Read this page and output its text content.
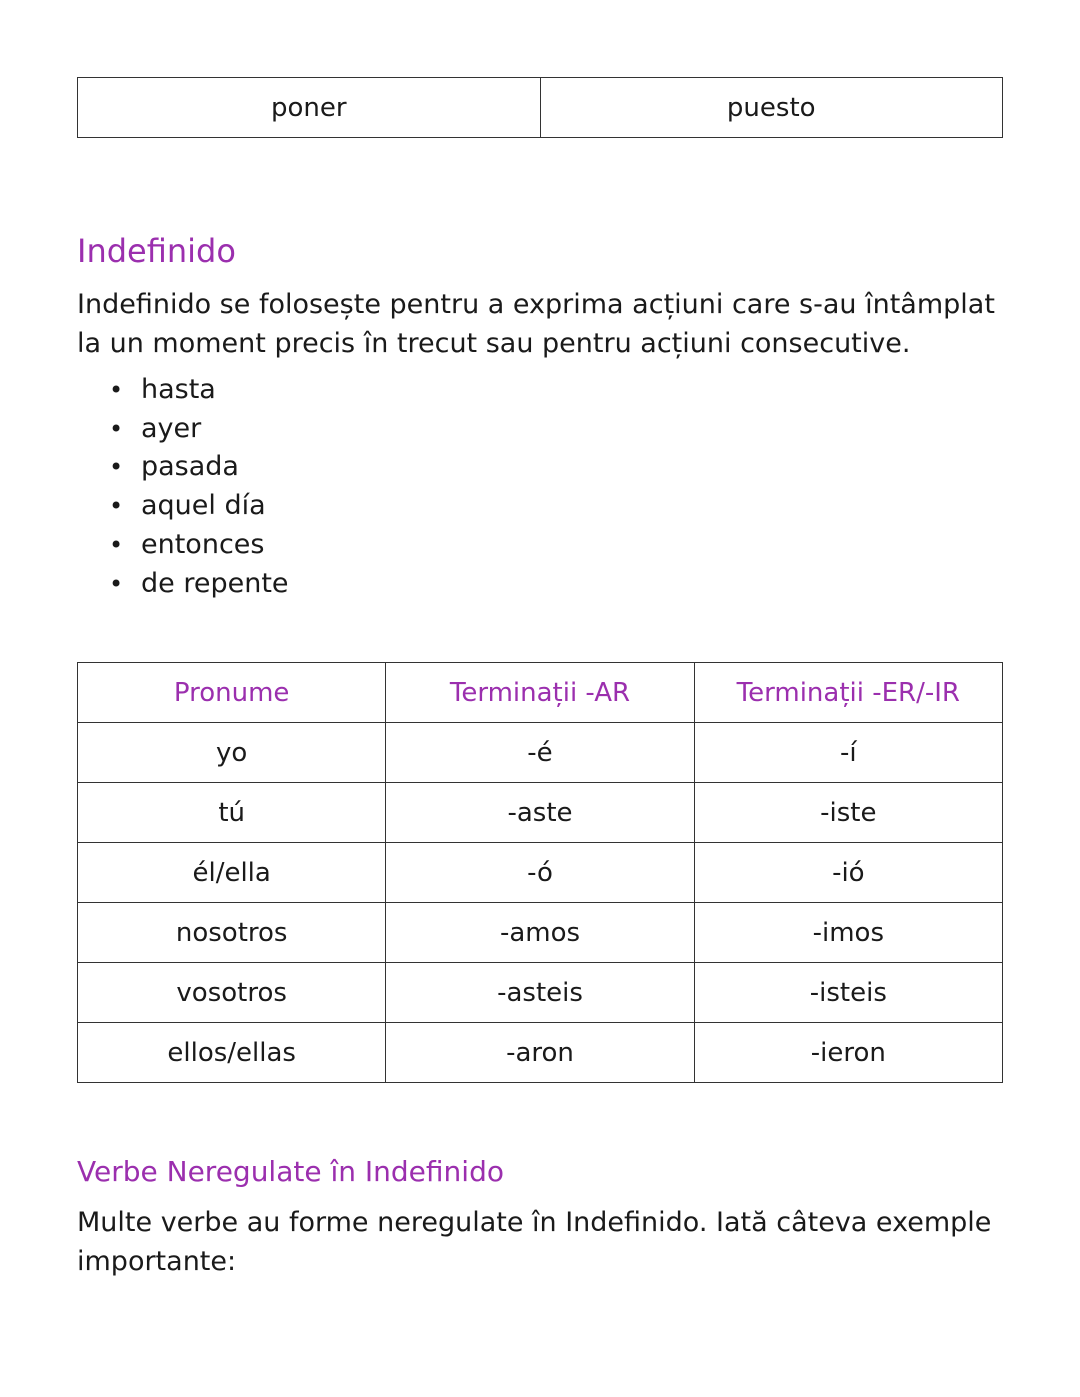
poner	puesto
Indefinido

Indefinido se folosește pentru a exprima acțiuni care s-au întâmplat la un moment precis în trecut sau pentru acțiuni consecutive.

• hasta
• ayer
• pasada
• aquel día
• entonces
• de repente
Pronume	Terminații -AR	Terminații -ER/-IR
yo	-é	-í
tú	-aste	-iste
él/ella	-ó	-ió
nosotros	-amos	-imos
vosotros	-asteis	-isteis
ellos/ellas	-aron	-ieron
Verbe Neregulate în Indefinido

Multe verbe au forme neregulate în Indefinido. Iată câteva exemple importante:
